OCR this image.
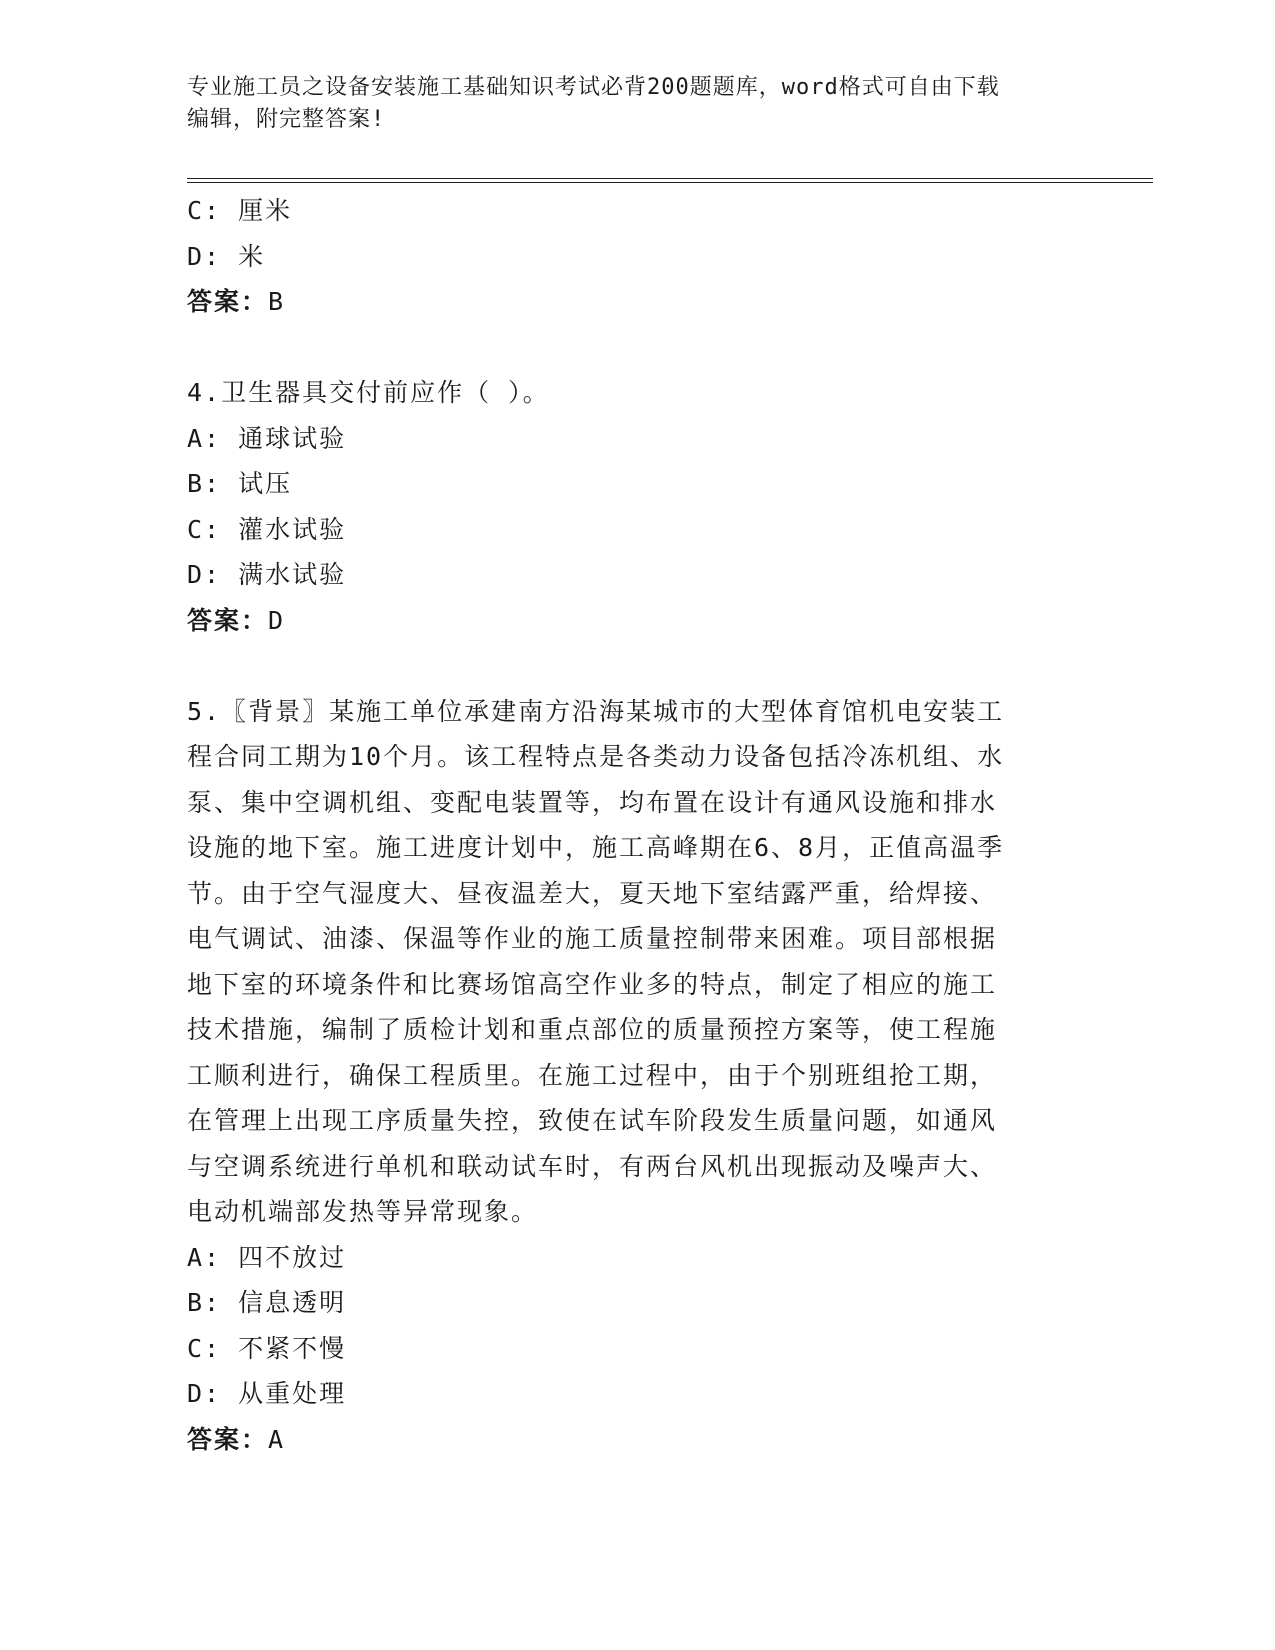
专业施工员之设备安装施工基础知识考试必背200题题库，word格式可自由下载
编辑，附完整答案!
C: 厘米
D: 米
答案：B
4.卫生器具交付前应作（ ）。
A: 通球试验
B: 试压
C: 灌水试验
D: 满水试验
答案：D
5.〖背景〗某施工单位承建南方沿海某城市的大型体育馆机电安装工
程合同工期为10个月。该工程特点是各类动力设备包括冷冻机组、水
泵、集中空调机组、变配电装置等，均布置在设计有通风设施和排水
设施的地下室。施工进度计划中，施工高峰期在6、8月，正值高温季
节。由于空气湿度大、昼夜温差大，夏天地下室结露严重，给焊接、
电气调试、油漆、保温等作业的施工质量控制带来困难。项目部根据
地下室的环境条件和比赛场馆高空作业多的特点，制定了相应的施工
技术措施，编制了质检计划和重点部位的质量预控方案等，使工程施
工顺利进行，确保工程质里。在施工过程中，由于个别班组抢工期，
在管理上出现工序质量失控，致使在试车阶段发生质量问题，如通风
与空调系统进行单机和联动试车时，有两台风机出现振动及噪声大、
电动机端部发热等异常现象。
A: 四不放过
B: 信息透明
C: 不紧不慢
D: 从重处理
答案：A
